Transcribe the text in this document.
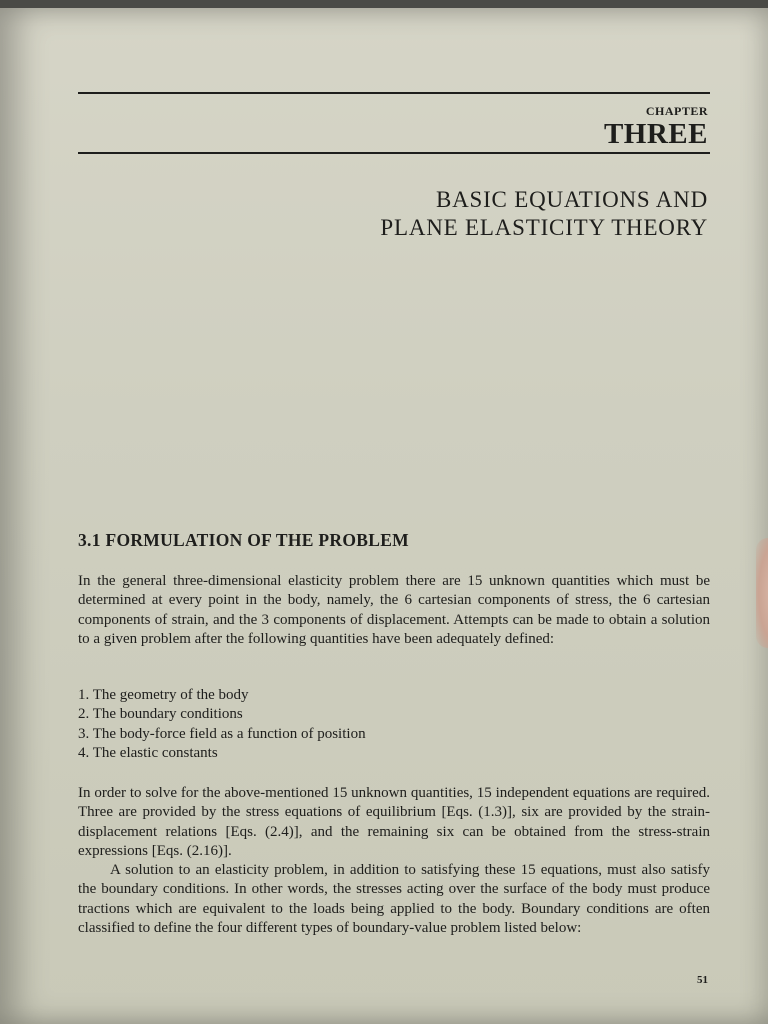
CHAPTER
THREE
BASIC EQUATIONS AND
PLANE ELASTICITY THEORY
3.1 FORMULATION OF THE PROBLEM
In the general three-dimensional elasticity problem there are 15 unknown quantities which must be determined at every point in the body, namely, the 6 cartesian components of stress, the 6 cartesian components of strain, and the 3 components of displacement. Attempts can be made to obtain a solution to a given problem after the following quantities have been adequately defined:
1. The geometry of the body
2. The boundary conditions
3. The body-force field as a function of position
4. The elastic constants
In order to solve for the above-mentioned 15 unknown quantities, 15 independent equations are required. Three are provided by the stress equations of equilibrium [Eqs. (1.3)], six are provided by the strain-displacement relations [Eqs. (2.4)], and the remaining six can be obtained from the stress-strain expressions [Eqs. (2.16)].
A solution to an elasticity problem, in addition to satisfying these 15 equations, must also satisfy the boundary conditions. In other words, the stresses acting over the surface of the body must produce tractions which are equivalent to the loads being applied to the body. Boundary conditions are often classified to define the four different types of boundary-value problem listed below:
51
